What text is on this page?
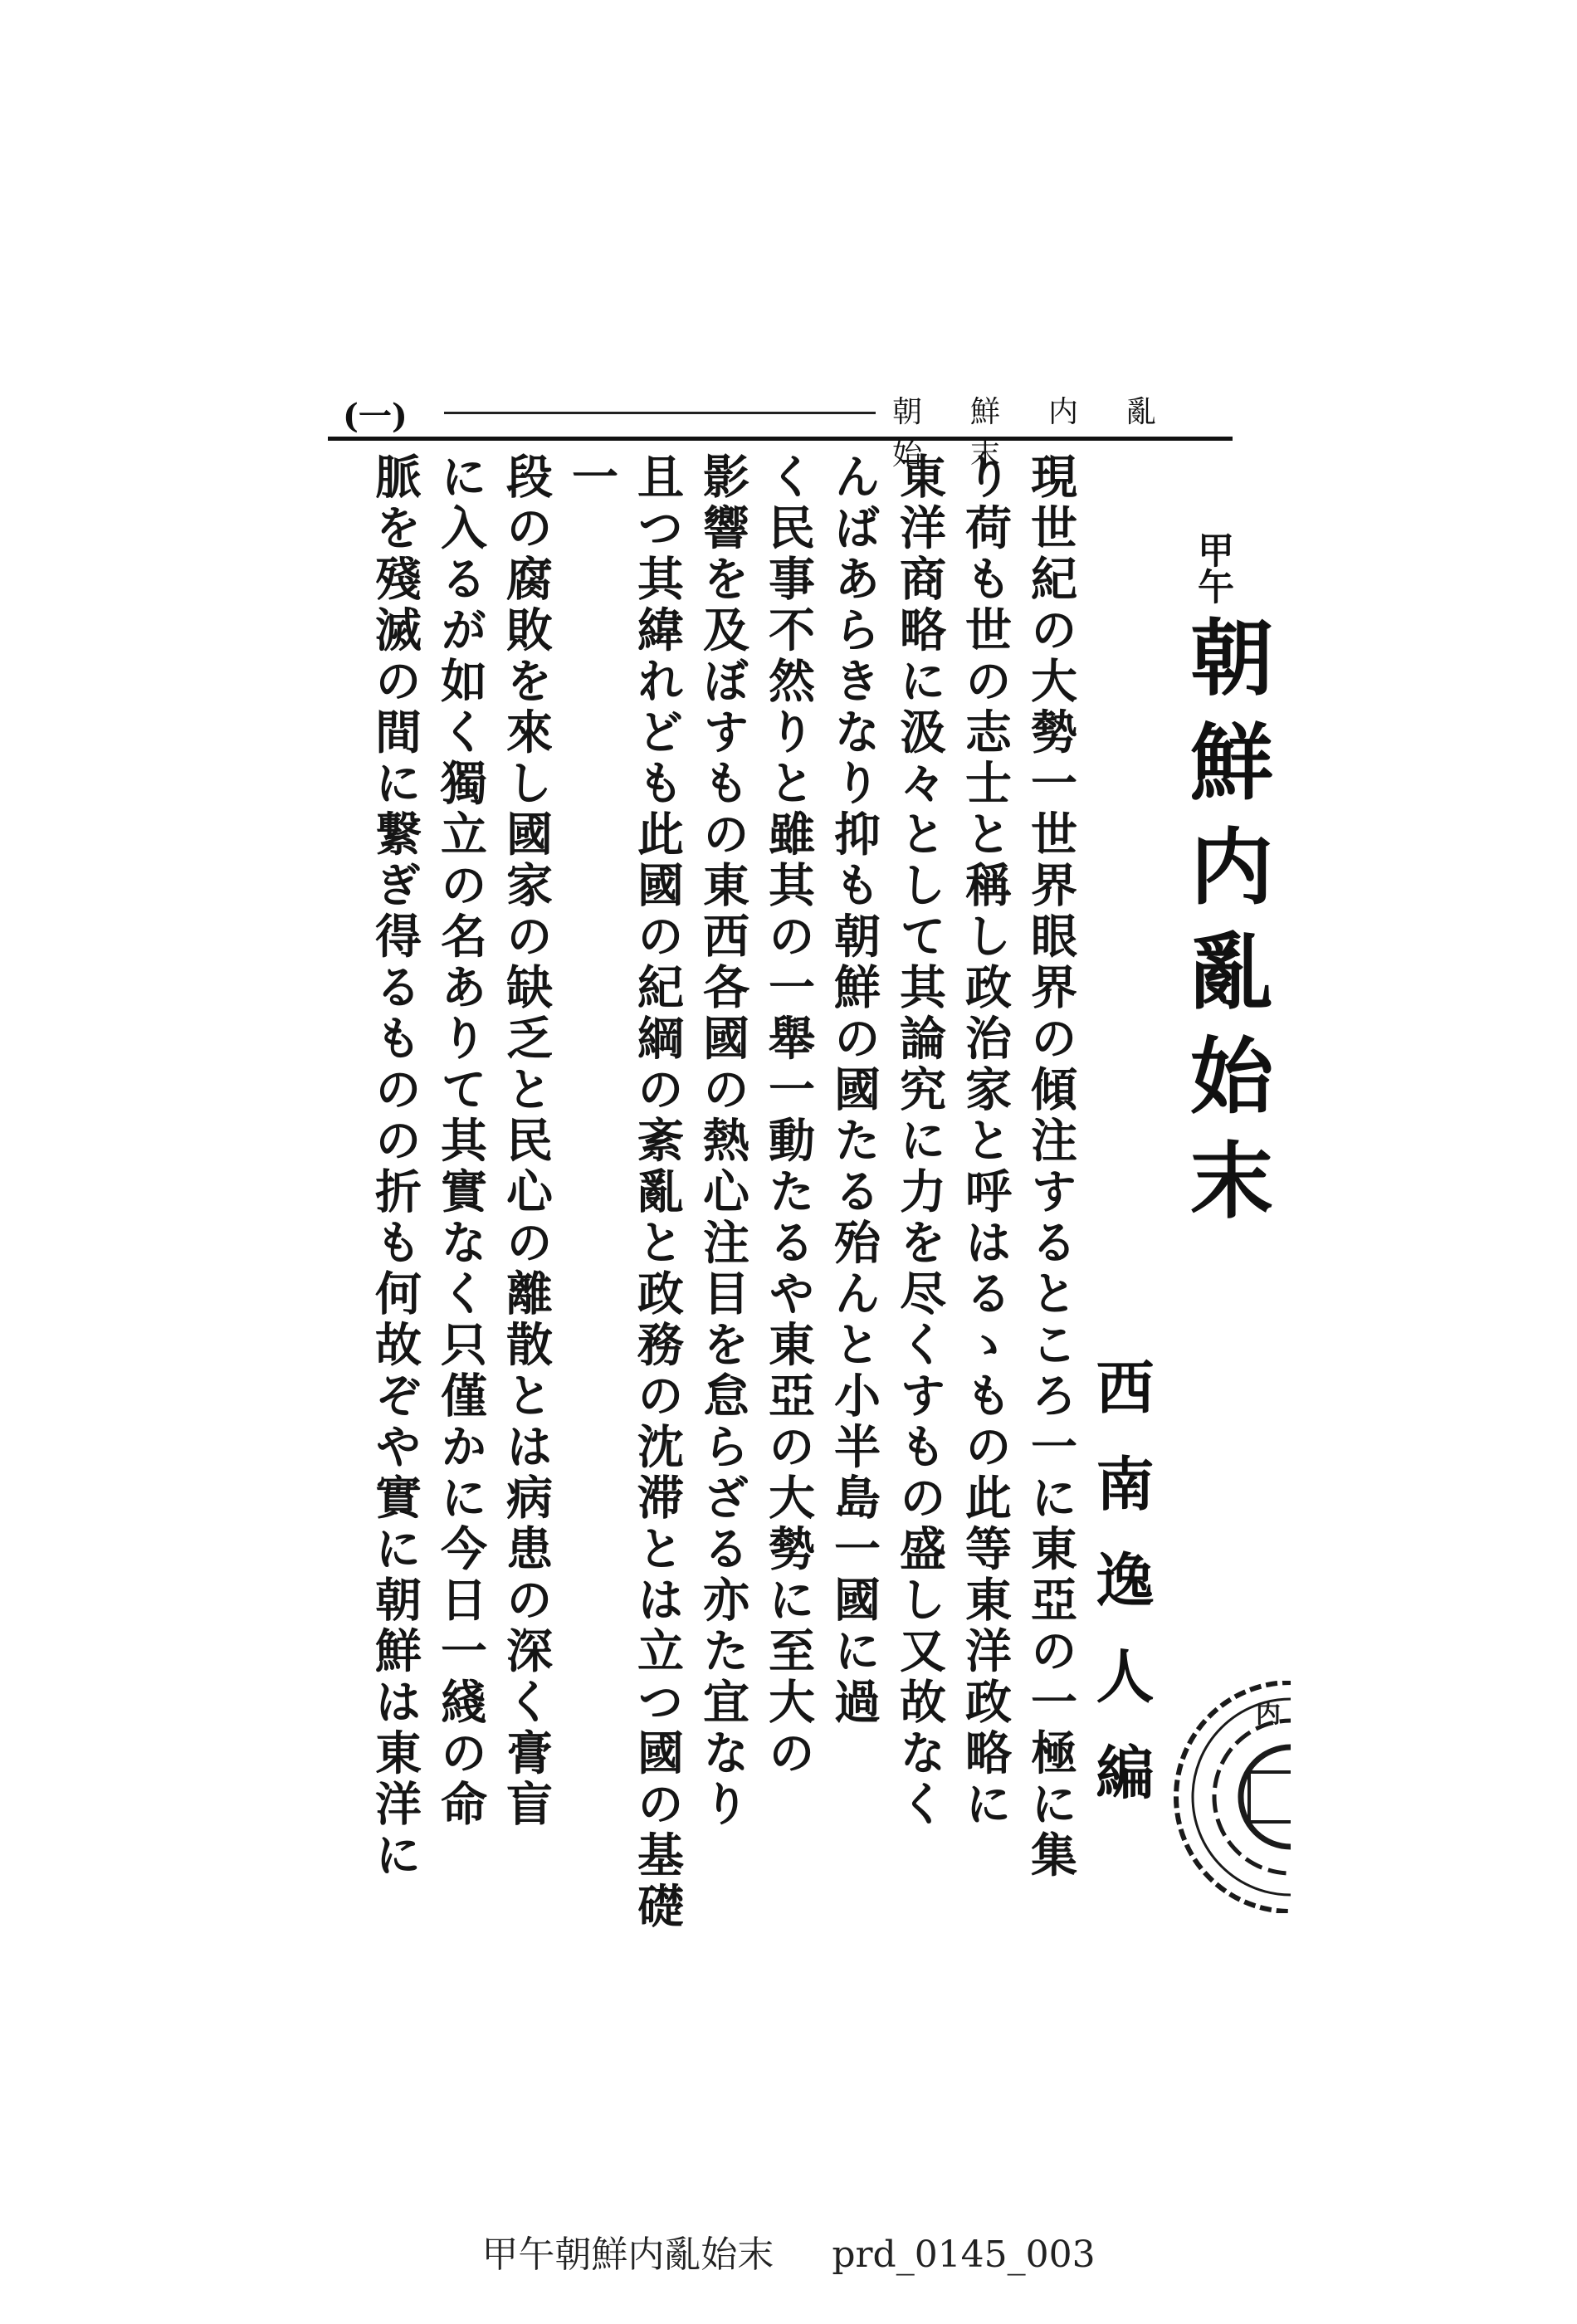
(一)	朝鮮内亂始末
現世紀の大勢一世界眼界の傾注するところ一に東亞の一極に集
り荷も世の志士と稱し政治家と呼はるゝもの此等東洋政略に
東洋商略に汲々として其論究に力を尽くすもの盛し又故なく
んばあらきなり抑も朝鮮の國たる殆んと小半島一國に過
く民事不然りと雖其の一舉一動たるや東亞の大勢に至大の
影響を及ぼすもの東西各國の熱心注目を怠らざる亦た宜なり
且つ其緯れども此國の紀綱の紊亂と政務の沈滞とは立つ國の基礎一
段の腐敗を來し國家の缺乏と民心の離散とは病患の深く膏盲
に入るが如く獨立の名ありて其實なく只僅かに今日一綫の命
脈を殘滅の間に繋ぎ得るものの折も何故ぞや實に朝鮮は東洋に	甲午
朝鮮内亂始末
西南逸人編	内
甲午朝鮮内亂始末 prd_0145_003
